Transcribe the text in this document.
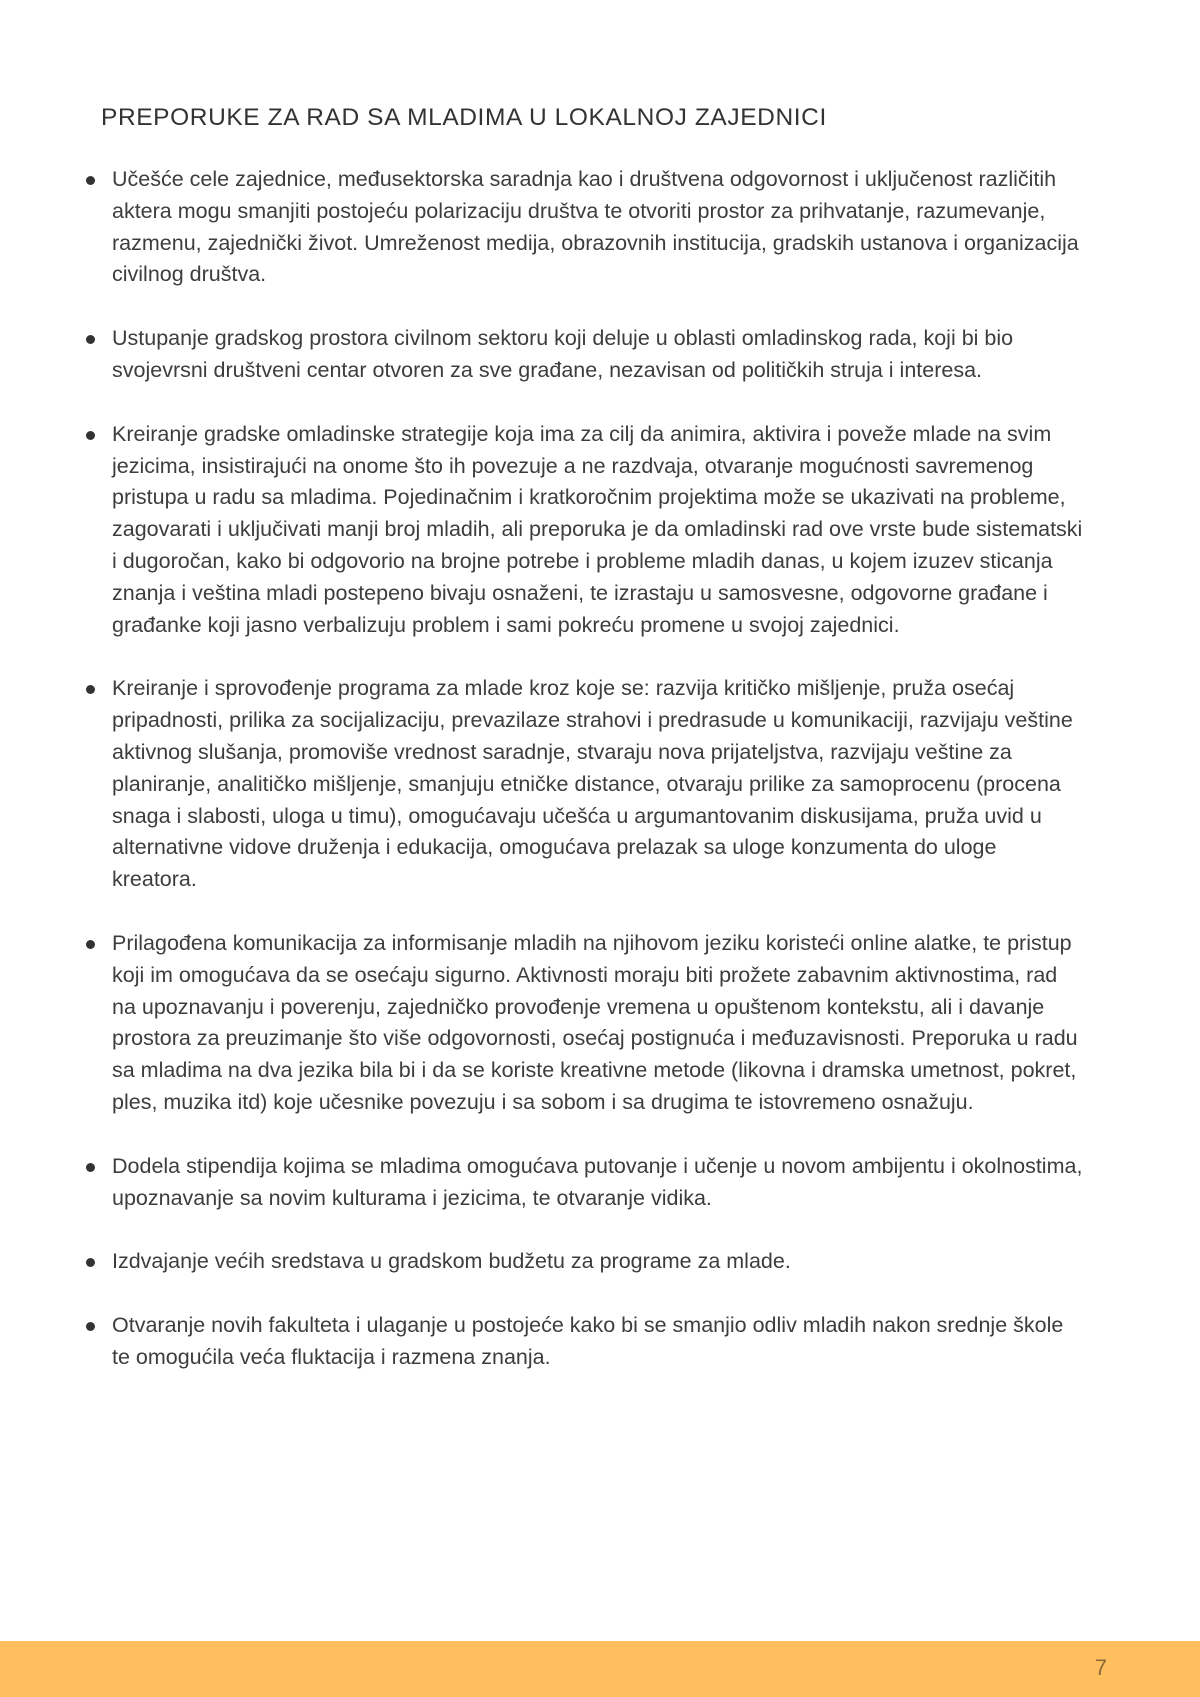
PREPORUKE ZA RAD SA MLADIMA U LOKALNOJ ZAJEDNICI
Učešće cele zajednice, međusektorska saradnja kao i društvena odgovornost i uključenost različitih aktera mogu smanjiti postojeću polarizaciju društva te otvoriti prostor za prihvatanje, razumevanje, razmenu, zajednički život. Umreženost medija, obrazovnih institucija, gradskih ustanova i organizacija civilnog društva.
Ustupanje gradskog prostora civilnom sektoru koji deluje u oblasti omladinskog rada, koji bi bio svojevrsni društveni centar otvoren za sve građane, nezavisan od političkih struja i interesa.
Kreiranje gradske omladinske strategije koja ima za cilj da animira, aktivira i poveže mlade na svim jezicima, insistirajući na onome što ih povezuje a ne razdvaja, otvaranje mogućnosti savremenog pristupa u radu sa mladima. Pojedinačnim i kratkoročnim projektima može se ukazivati na probleme, zagovarati i uključivati manji broj mladih, ali preporuka je da omladinski rad ove vrste bude sistematski i dugoročan, kako bi odgovorio na brojne potrebe i probleme mladih danas, u kojem izuzev sticanja znanja i veština mladi postepeno bivaju osnaženi, te izrastaju u samosvesne, odgovorne građane i građanke koji jasno verbalizuju problem i sami pokreću promene u svojoj zajednici.
Kreiranje i sprovođenje programa za mlade kroz koje se: razvija kritičko mišljenje, pruža osećaj pripadnosti, prilika za socijalizaciju, prevazilaze strahovi i predrasude u komunikaciji, razvijaju veštine aktivnog slušanja, promoviše vrednost saradnje, stvaraju nova prijateljstva, razvijaju veštine za planiranje, analitičko mišljenje, smanjuju etničke distance, otvaraju prilike za samoprocenu (procena snaga i slabosti, uloga u timu), omogućavaju učešća u argumantovanim diskusijama, pruža uvid u alternativne vidove druženja i edukacija, omogućava prelazak sa uloge konzumenta do uloge kreatora.
Prilagođena komunikacija za informisanje mladih na njihovom jeziku koristeći online alatke, te pristup koji im omogućava da se osećaju sigurno. Aktivnosti moraju biti prožete zabavnim aktivnostima, rad na upoznavanju i poverenju, zajedničko provođenje vremena u opuštenom kontekstu, ali i davanje prostora za preuzimanje što više odgovornosti, osećaj postignuća i međuzavisnosti. Preporuka u radu sa mladima na dva jezika bila bi i da se koriste kreativne metode (likovna i dramska umetnost, pokret, ples, muzika itd) koje učesnike povezuju i sa sobom i sa drugima te istovremeno osnažuju.
Dodela stipendija kojima se mladima omogućava putovanje i učenje u novom ambijentu i okolnostima, upoznavanje sa novim kulturama i jezicima, te otvaranje vidika.
Izdvajanje većih sredstava u gradskom budžetu za programe za mlade.
Otvaranje novih fakulteta i ulaganje u postojeće kako bi se smanjio odliv mladih nakon srednje škole te omogućila veća fluktacija i razmena znanja.
7
